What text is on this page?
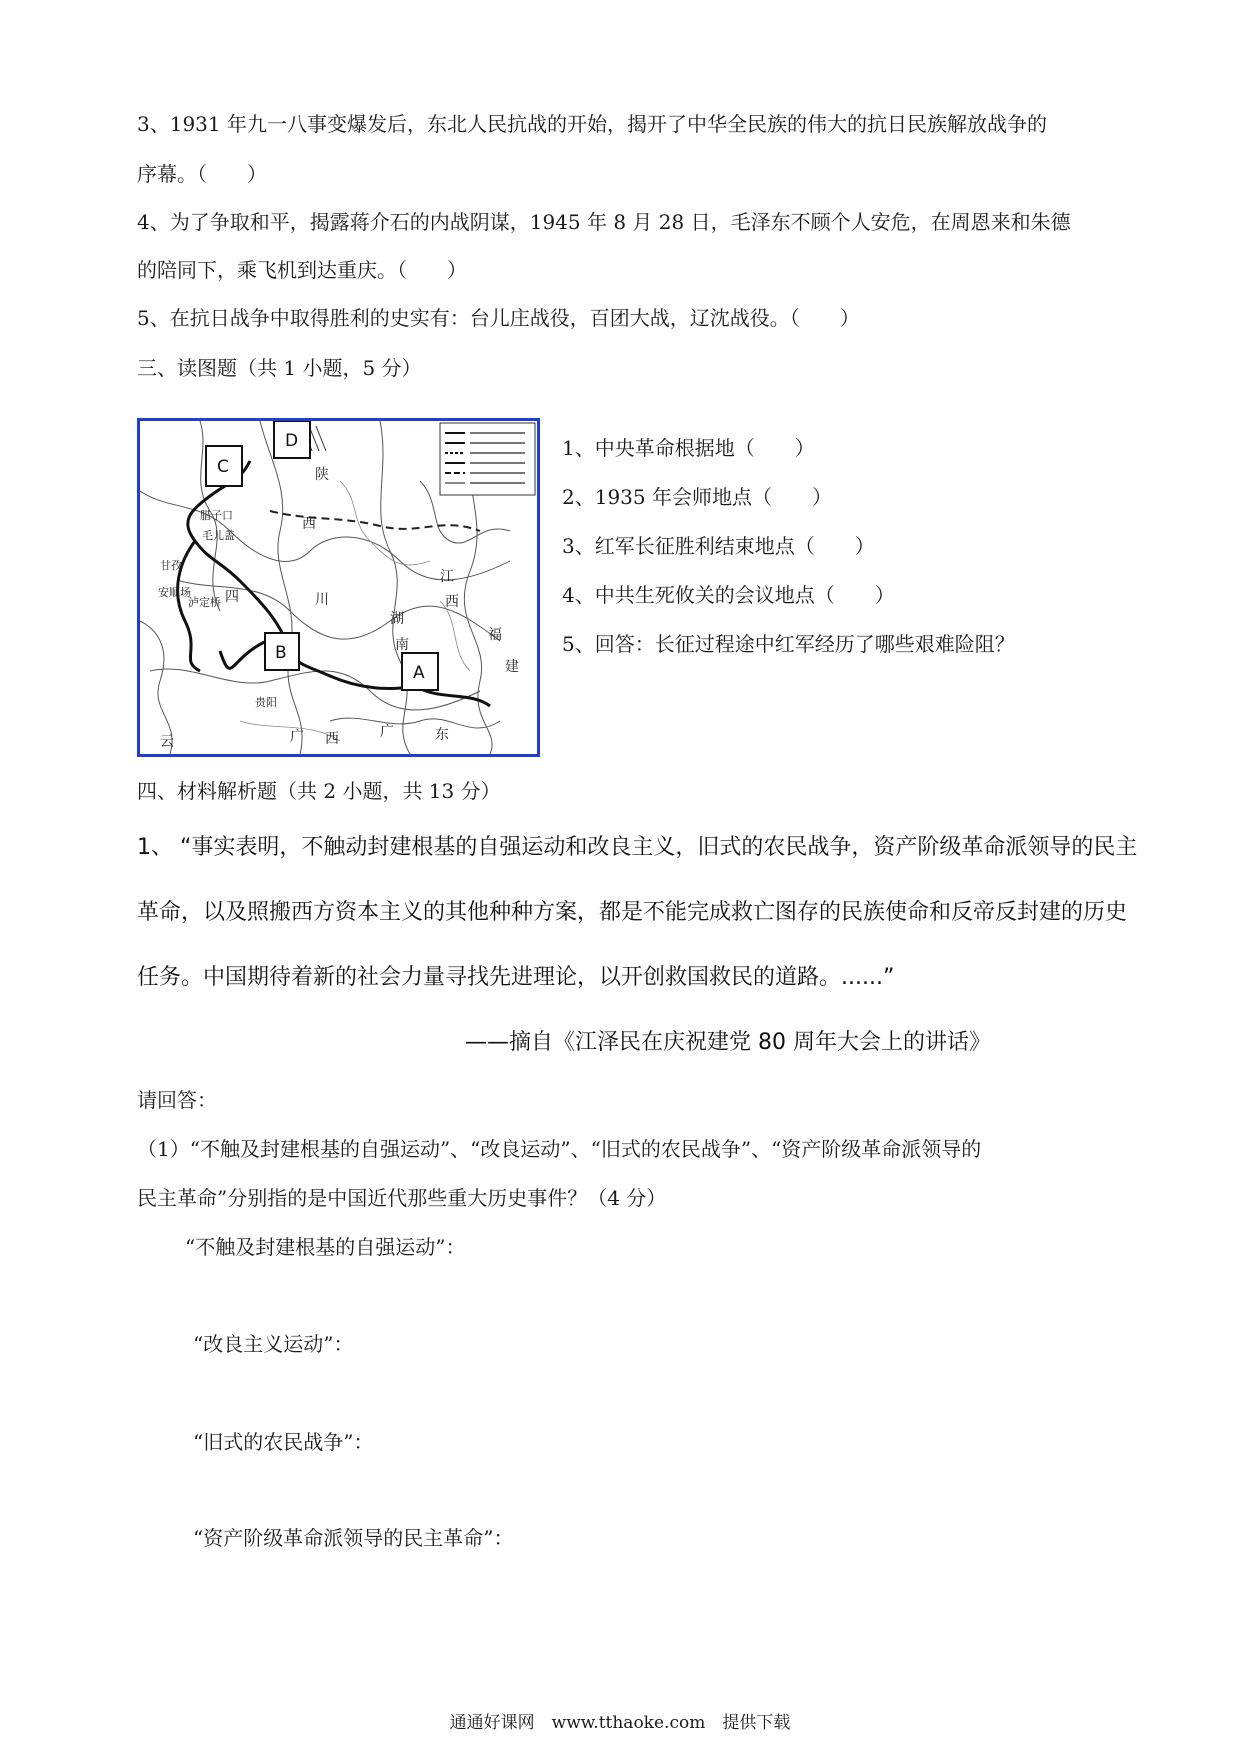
3、1931 年九一八事变爆发后，东北人民抗战的开始，揭开了中华全民族的伟大的抗日民族解放战争的
序幕。（　　）
4、为了争取和平，揭露蒋介石的内战阴谋，1945 年 8 月 28 日，毛泽东不顾个人安危，在周恩来和朱德
的陪同下，乘飞机到达重庆。（　　）
5、在抗日战争中取得胜利的史实有：台儿庄战役，百团大战，辽沈战役。（　　）
三、读图题（共 1 小题，5 分）
四	川
贵阳
甘孜
安顺场
腊子口
毛儿盖
泸定桥
陕
西
湖
南
广	东
福
建
江
西
云	广 西
A
B
C
D	1、中央革命根据地（　　）
2、1935 年会师地点（　　）
3、红军长征胜利结束地点（　　）
4、中共生死攸关的会议地点（　　）
5、回答：长征过程途中红军经历了哪些艰难险阻？
四、材料解析题（共 2 小题，共 13 分）
1、 “事实表明，不触动封建根基的自强运动和改良主义，旧式的农民战争，资产阶级革命派领导的民主
革命，以及照搬西方资本主义的其他种种方案，都是不能完成救亡图存的民族使命和反帝反封建的历史
任务。中国期待着新的社会力量寻找先进理论，以开创救国救民的道路。......”
——摘自《江泽民在庆祝建党 80 周年大会上的讲话》
请回答：
（1）“不触及封建根基的自强运动”、“改良运动”、“旧式的农民战争”、“资产阶级革命派领导的
民主革命”分别指的是中国近代那些重大历史事件？（4 分）
“不触及封建根基的自强运动”：
“改良主义运动”：
“旧式的农民战争”：
“资产阶级革命派领导的民主革命”：
通通好课网　www.tthaoke.com　提供下载
